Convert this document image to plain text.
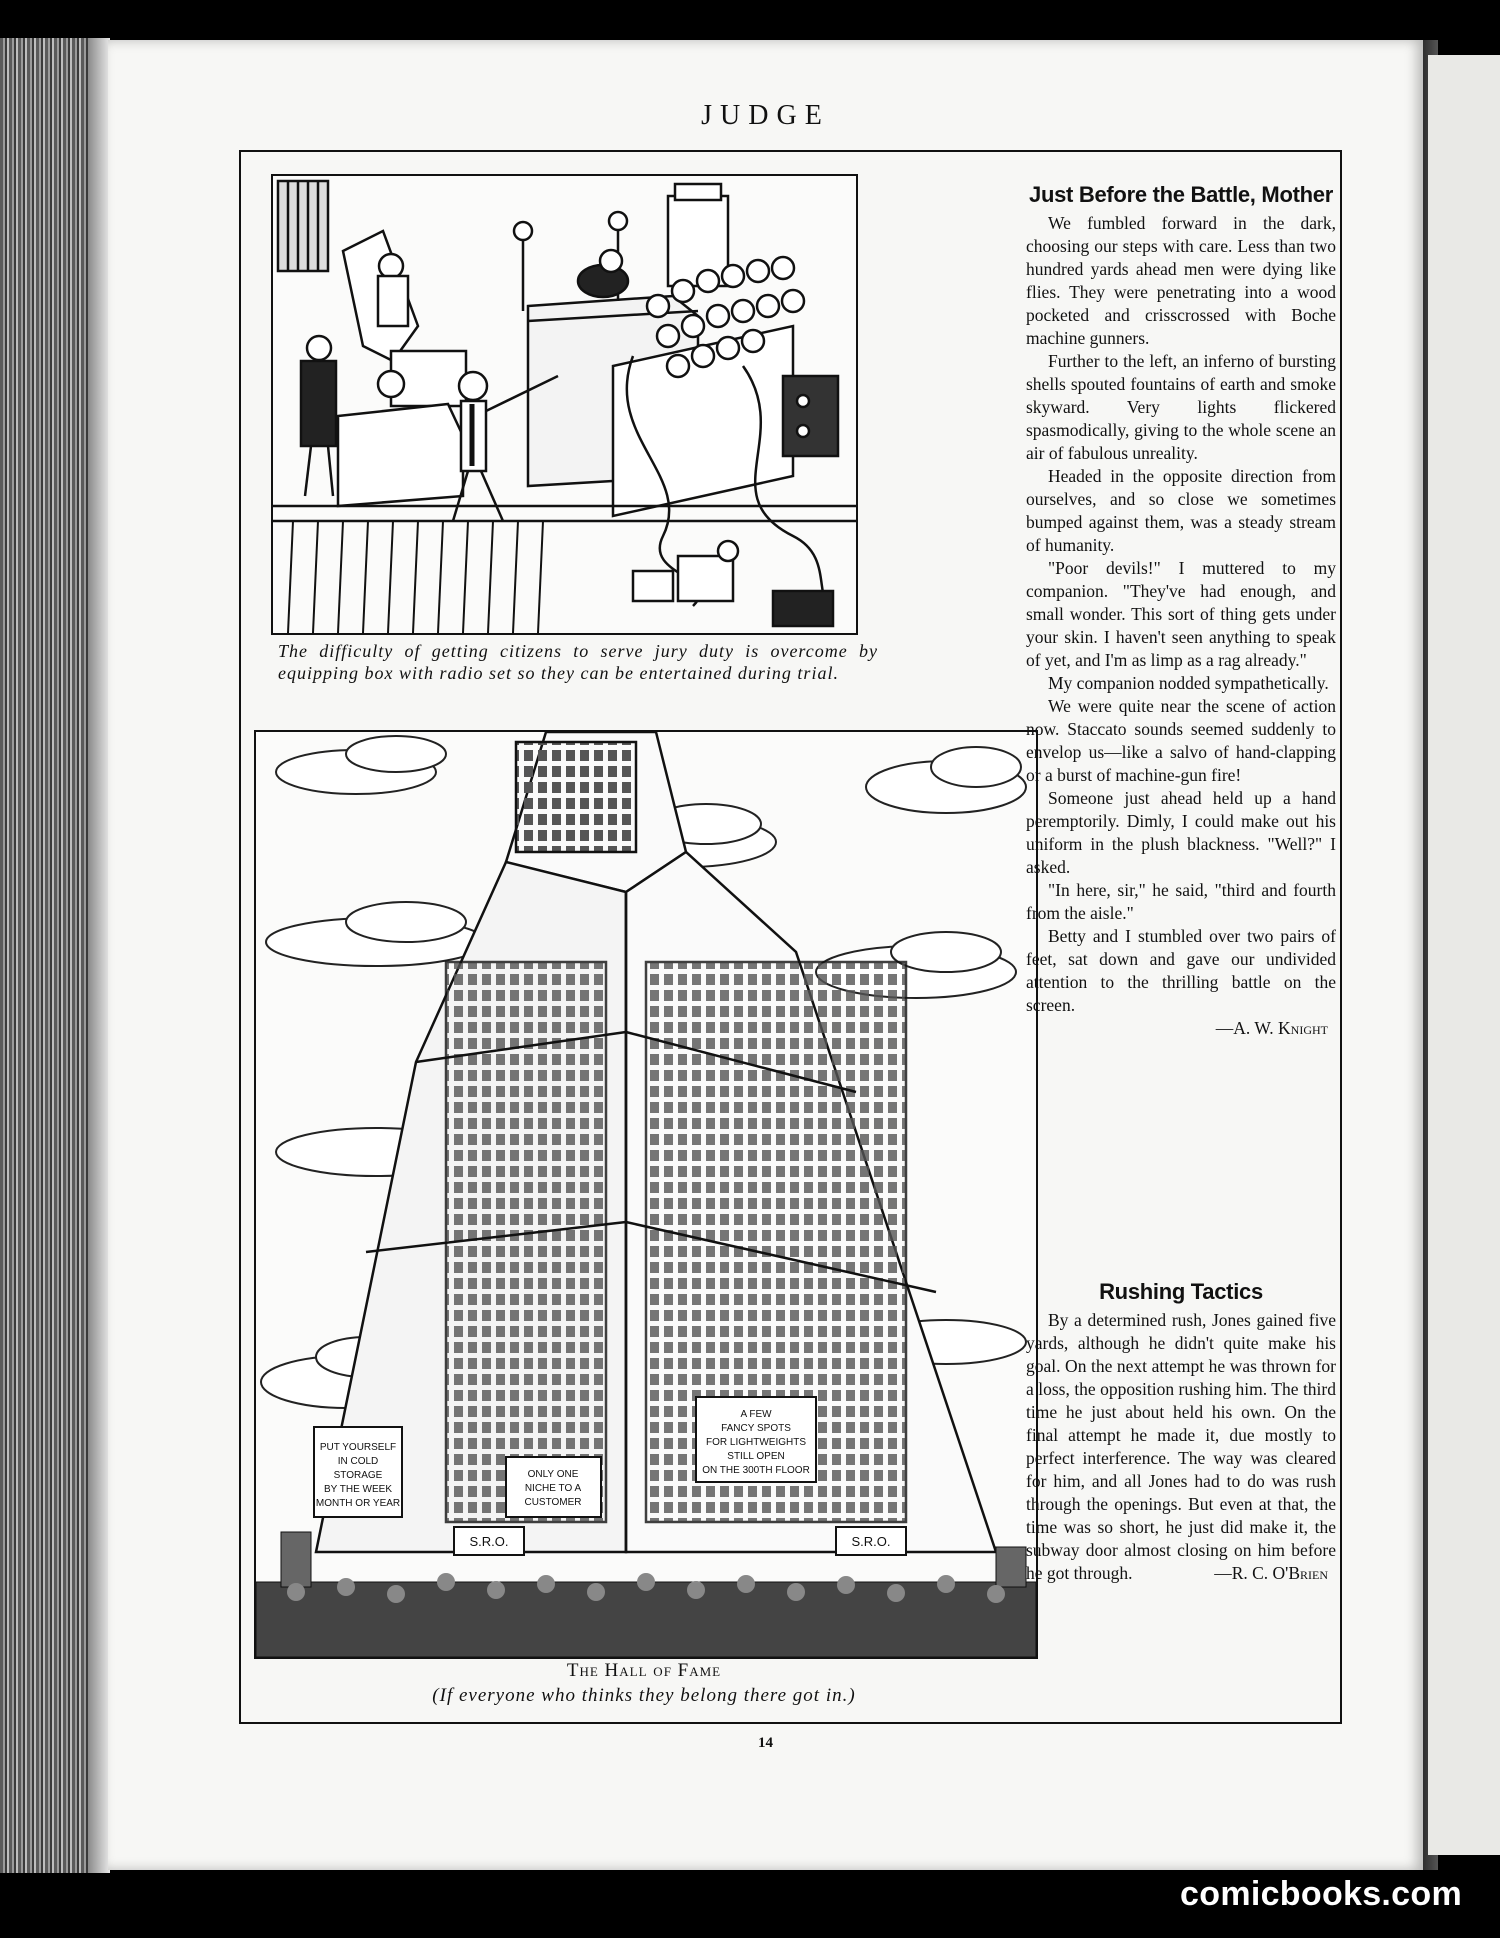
JUDGE
The difficulty of getting citizens to serve jury duty is overcome by equipping box with radio set so they can be entertained during trial.
PUT YOURSELF
IN COLD
STORAGE
BY THE WEEK
MONTH OR YEAR
ONLY ONE
NICHE TO A
CUSTOMER
A FEW
FANCY SPOTS
FOR LIGHTWEIGHTS
STILL OPEN
ON THE 300TH FLOOR
S.R.O.	S.R.O.
The Hall of Fame
(If everyone who thinks they belong there got in.)
Just Before the Battle, Mother

We fumbled forward in the dark, choosing our steps with care. Less than two hundred yards ahead men were dying like flies. They were penetrating into a wood pocketed and crisscrossed with Boche machine gunners.

Further to the left, an inferno of bursting shells spouted fountains of earth and smoke skyward. Very lights flickered spasmodically, giving to the whole scene an air of fabulous unreality.

Headed in the opposite direction from ourselves, and so close we sometimes bumped against them, was a steady stream of humanity.

"Poor devils!" I muttered to my companion. "They've had enough, and small wonder. This sort of thing gets under your skin. I haven't seen anything to speak of yet, and I'm as limp as a rag already."

My companion nodded sympathetically.

We were quite near the scene of action now. Staccato sounds seemed suddenly to envelop us—like a salvo of hand-clapping or a burst of machine-gun fire!

Someone just ahead held up a hand peremptorily. Dimly, I could make out his uniform in the plush blackness. "Well?" I asked.

"In here, sir," he said, "third and fourth from the aisle."

Betty and I stumbled over two pairs of feet, sat down and gave our undivided attention to the thrilling battle on the screen.

—A. W. Knight
Rushing Tactics

By a determined rush, Jones gained five yards, although he didn't quite make his goal. On the next attempt he was thrown for a loss, the opposition rushing him. The third time he just about held his own. On the final attempt he made it, due mostly to perfect interference. The way was cleared for him, and all Jones had to do was rush through the openings. But even at that, the time was so short, he just did make it, the subway door almost closing on him before he got through.	—R. C. O'Brien
14
comicbooks.com
